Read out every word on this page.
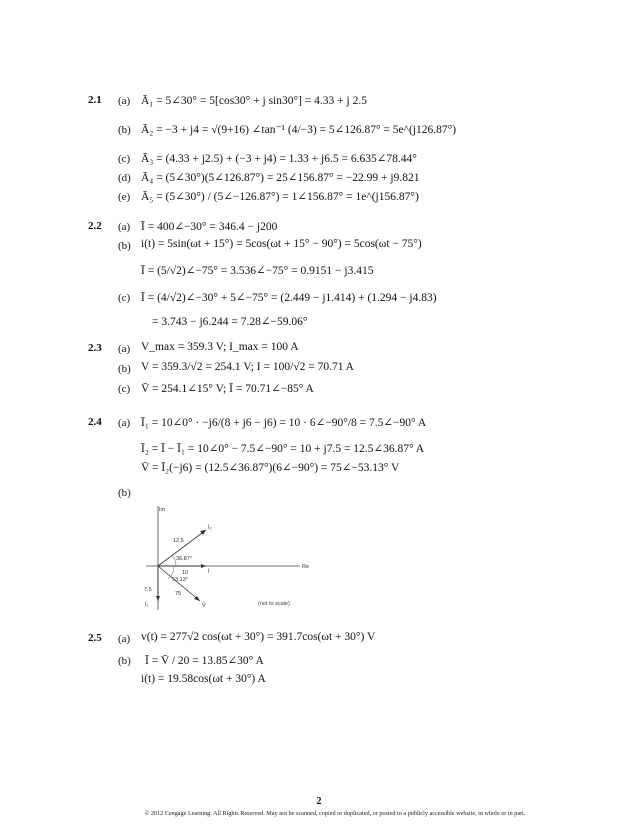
2.1 (a) Ā₁ = 5∠30° = 5[cos30° + j sin30°] = 4.33 + j 2.5
(b) Ā₂ = −3 + j4 = √(9+16) ∠tan⁻¹ (4/−3) = 5∠126.87° = 5e^(j126.87°)
(c) Ā₃ = (4.33 + j2.5) + (−3 + j4) = 1.33 + j6.5 = 6.635∠78.44°
(d) Ā₄ = (5∠30°)(5∠126.87°) = 25∠156.87° = −22.99 + j9.821
(e) Ā₅ = (5∠30°) / (5∠−126.87°) = 1∠156.87° = 1e^(j156.87°)
2.2 (a) Ī = 400∠−30° = 346.4 − j200
(b) i(t) = 5sin(ωt + 15°) = 5cos(ωt + 15° − 90°) = 5cos(ωt − 75°)
Ī = (5/√2)∠−75° = 3.536∠−75° = 0.9151 − j3.415
(c) Ī = (4/√2)∠−30° + 5∠−75° = (2.449 − j1.414) + (1.294 − j4.83)
= 3.743 − j6.244 = 7.28∠−59.06°
2.3 (a) V_max = 359.3 V; I_max = 100 A
(b) V = 359.3/√2 = 254.1 V; I = 100/√2 = 70.71 A
(c) V̄ = 254.1∠15° V; Ī = 70.71∠−85° A
2.4 (a) Ī₁ = 10∠0° · −j6/(8 + j6 − j6) = 10 · 6∠−90°/8 = 7.5∠−90° A
Ī₂ = Ī − Ī₁ = 10∠0° − 7.5∠−90° = 10 + j7.5 = 12.5∠36.87° A
V̄ = Ī₂(−j6) = (12.5∠36.87°)(6∠−90°) = 75∠−53.13° V
(b)
Im
Re
Ī₂
12.5
Ī
10
36.87°
53.13°
V̄
75
7.5
Ī₁	(not to scale)
2.5 (a) v(t) = 277√2 cos(ωt + 30°) = 391.7cos(ωt + 30°) V
(b) Ī = V̄ / 20 = 13.85∠30° A
i(t) = 19.58cos(ωt + 30°) A
2
© 2012 Cengage Learning. All Rights Reserved. May not be scanned, copied or duplicated, or posted to a publicly accessible website, in whole or in part.
